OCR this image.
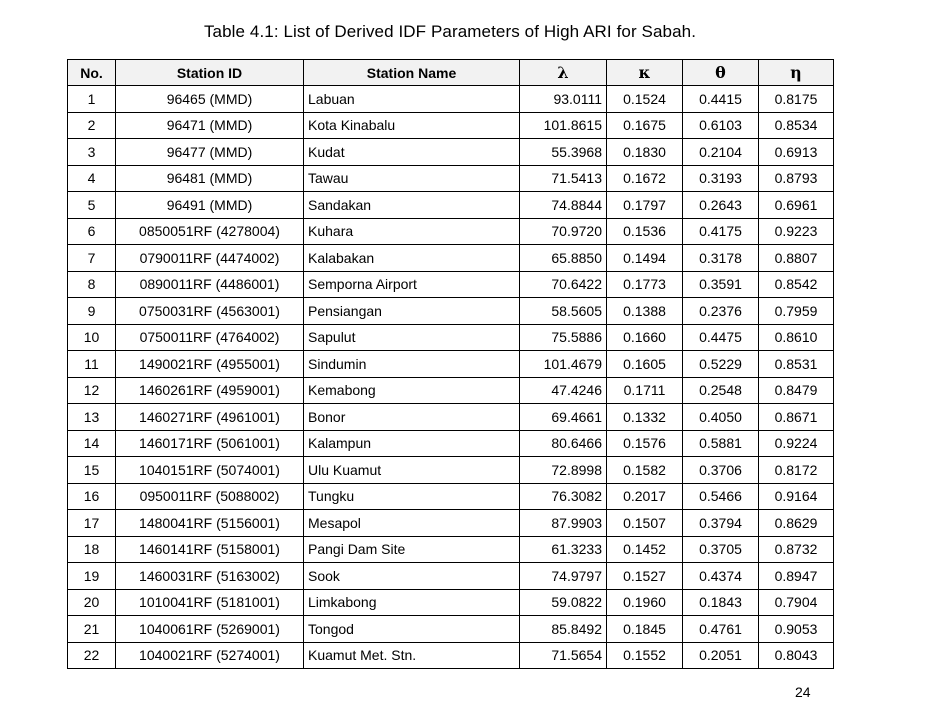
Table 4.1: List of Derived IDF Parameters of High ARI for Sabah.
No.	Station ID	Station Name	λ	κ	θ	η
1	96465 (MMD)	Labuan	93.0111	0.1524	0.4415	0.8175
2	96471 (MMD)	Kota Kinabalu	101.8615	0.1675	0.6103	0.8534
3	96477 (MMD)	Kudat	55.3968	0.1830	0.2104	0.6913
4	96481 (MMD)	Tawau	71.5413	0.1672	0.3193	0.8793
5	96491 (MMD)	Sandakan	74.8844	0.1797	0.2643	0.6961
6	0850051RF (4278004)	Kuhara	70.9720	0.1536	0.4175	0.9223
7	0790011RF (4474002)	Kalabakan	65.8850	0.1494	0.3178	0.8807
8	0890011RF (4486001)	Semporna Airport	70.6422	0.1773	0.3591	0.8542
9	0750031RF (4563001)	Pensiangan	58.5605	0.1388	0.2376	0.7959
10	0750011RF (4764002)	Sapulut	75.5886	0.1660	0.4475	0.8610
11	1490021RF (4955001)	Sindumin	101.4679	0.1605	0.5229	0.8531
12	1460261RF (4959001)	Kemabong	47.4246	0.1711	0.2548	0.8479
13	1460271RF (4961001)	Bonor	69.4661	0.1332	0.4050	0.8671
14	1460171RF (5061001)	Kalampun	80.6466	0.1576	0.5881	0.9224
15	1040151RF (5074001)	Ulu Kuamut	72.8998	0.1582	0.3706	0.8172
16	0950011RF (5088002)	Tungku	76.3082	0.2017	0.5466	0.9164
17	1480041RF (5156001)	Mesapol	87.9903	0.1507	0.3794	0.8629
18	1460141RF (5158001)	Pangi Dam Site	61.3233	0.1452	0.3705	0.8732
19	1460031RF (5163002)	Sook	74.9797	0.1527	0.4374	0.8947
20	1010041RF (5181001)	Limkabong	59.0822	0.1960	0.1843	0.7904
21	1040061RF (5269001)	Tongod	85.8492	0.1845	0.4761	0.9053
22	1040021RF (5274001)	Kuamut Met. Stn.	71.5654	0.1552	0.2051	0.8043
24
